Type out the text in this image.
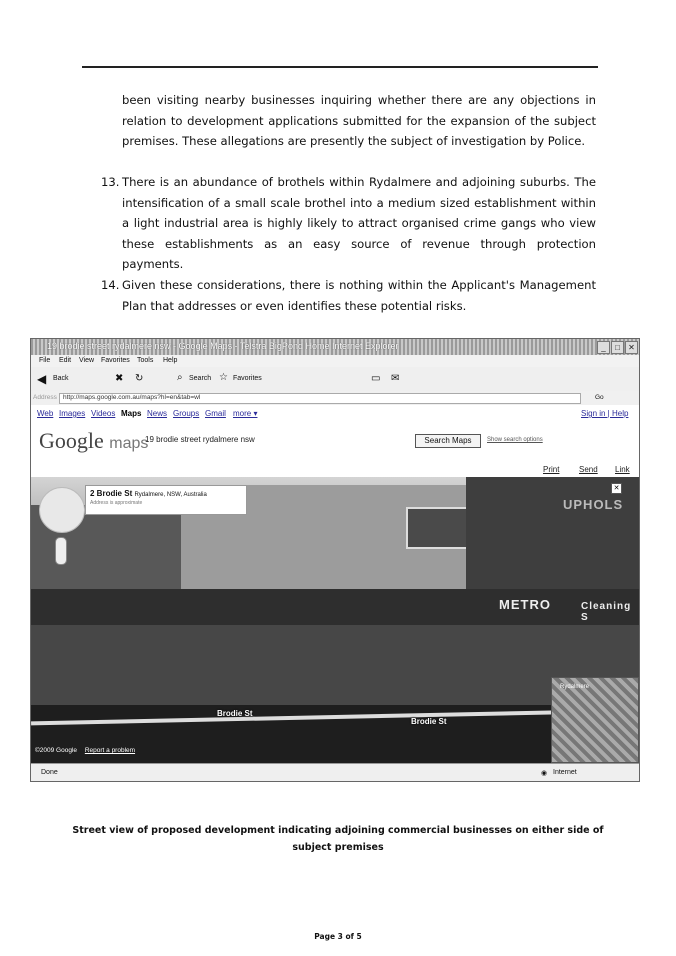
been visiting nearby businesses inquiring whether there are any objections in relation to development applications submitted for the expansion of the subject premises. These allegations are presently the subject of investigation by Police.
13. There is an abundance of brothels within Rydalmere and adjoining suburbs. The intensification of a small scale brothel into a medium sized establishment within a light industrial area is highly likely to attract organised crime gangs who view these establishments as an easy source of revenue through protection payments.
14. Given these considerations, there is nothing within the Applicant's Management Plan that addresses or even identifies these potential risks.
19 brodie street rydalmere nsw - Google Maps - Telstra BigPond Home Internet Explorer	_	□	✕
File Edit View Favorites Tools Help
◀ Back	✖ ↻	⌕ Search ☆ Favorites	▭ ✉
Address http://maps.google.com.au/maps?hl=en&tab=wl	Go
Web Images Videos Maps News Groups Gmail more ▾	Sign in | Help
Google maps
19 brodie street rydalmere nsw	Search Maps	Show search options
Print Send Link
METRO	Cleaning S
UPHOLS
Brodie St
Brodie St
2 Brodie St Rydalmere, NSW, Australia
Address is approximate
✕
Rydalmere
©2009 Google Report a problem
Done	◉ Internet
Street view of proposed development indicating adjoining commercial businesses on either side of subject premises
Page 3 of 5
